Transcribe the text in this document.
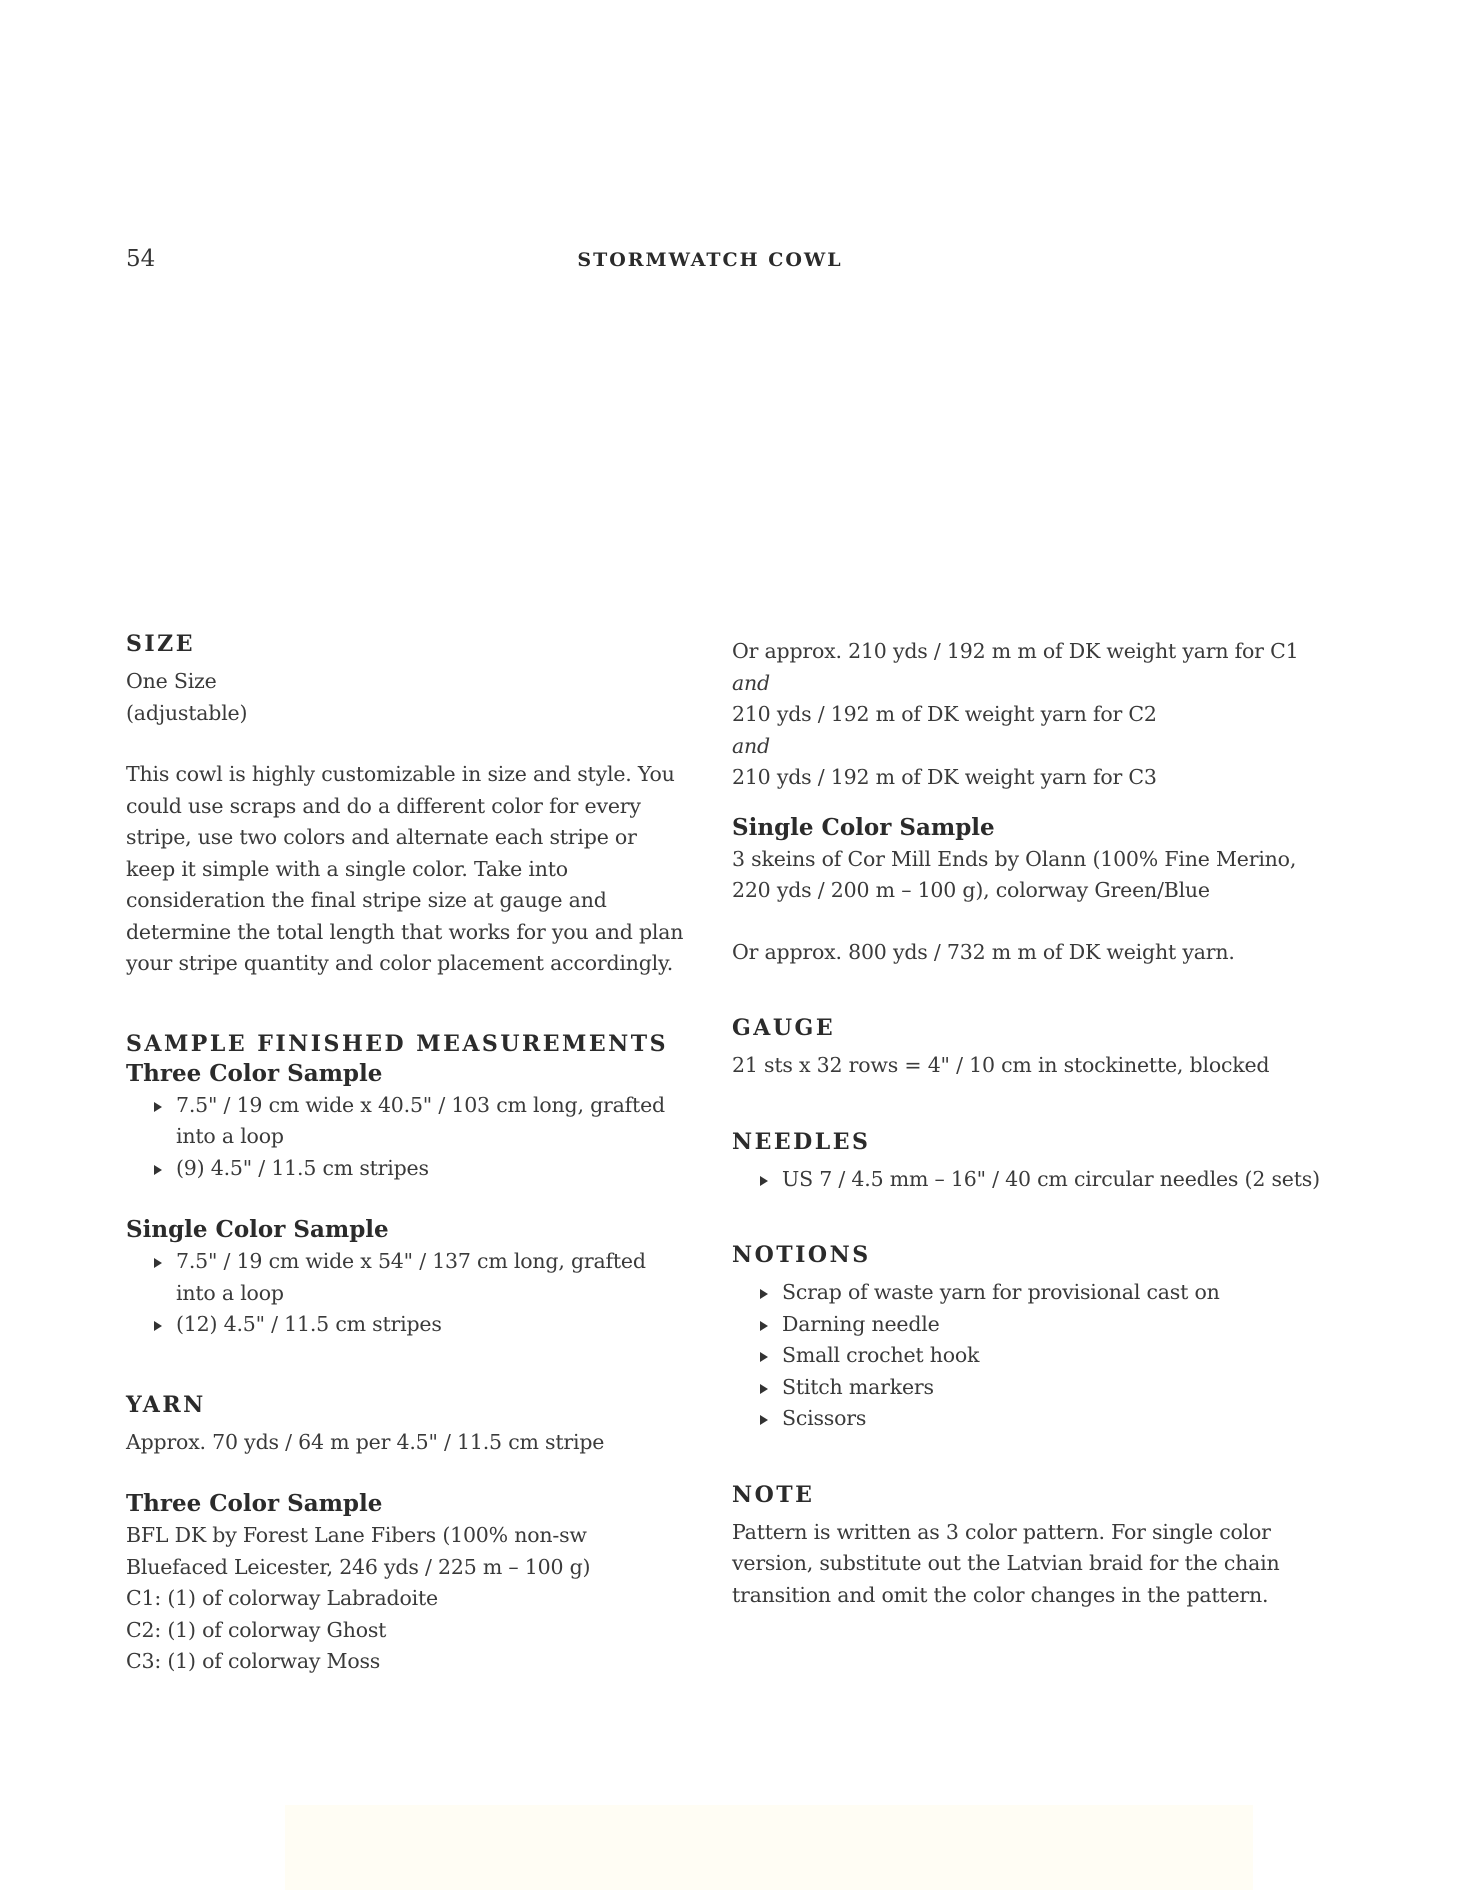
54	STORMWATCH COWL
SIZE

One Size

(adjustable)

This cowl is highly customizable in size and style. You could use scraps and do a different color for every stripe, use two colors and alternate each stripe or keep it simple with a single color. Take into consideration the final stripe size at gauge and determine the total length that works for you and plan your stripe quantity and color placement accordingly.

SAMPLE FINISHED MEASUREMENTS
Three Color Sample
7.5" / 19 cm wide x 40.5" / 103 cm long, grafted into a loop
(9) 4.5" / 11.5 cm stripes
Single Color Sample
7.5" / 19 cm wide x 54" / 137 cm long, grafted into a loop
(12) 4.5" / 11.5 cm stripes
YARN

Approx. 70 yds / 64 m per 4.5" / 11.5 cm stripe

Three Color Sample

BFL DK by Forest Lane Fibers (100% non-sw Bluefaced Leicester, 246 yds / 225 m – 100 g)

C1: (1) of colorway Labradoite

C2: (1) of colorway Ghost

C3: (1) of colorway Moss

Or approx. 210 yds / 192 m m of DK weight yarn for C1

and

210 yds / 192 m of DK weight yarn for C2

and

210 yds / 192 m of DK weight yarn for C3

Single Color Sample

3 skeins of Cor Mill Ends by Olann (100% Fine Merino, 220 yds / 200 m – 100 g), colorway Green/Blue

Or approx. 800 yds / 732 m m of DK weight yarn.

GAUGE

21 sts x 32 rows = 4" / 10 cm in stockinette, blocked

NEEDLES
US 7 / 4.5 mm – 16" / 40 cm circular needles (2 sets)
NOTIONS
Scrap of waste yarn for provisional cast on
Darning needle
Small crochet hook
Stitch markers
Scissors
NOTE

Pattern is written as 3 color pattern. For single color version, substitute out the Latvian braid for the chain transition and omit the color changes in the pattern.
